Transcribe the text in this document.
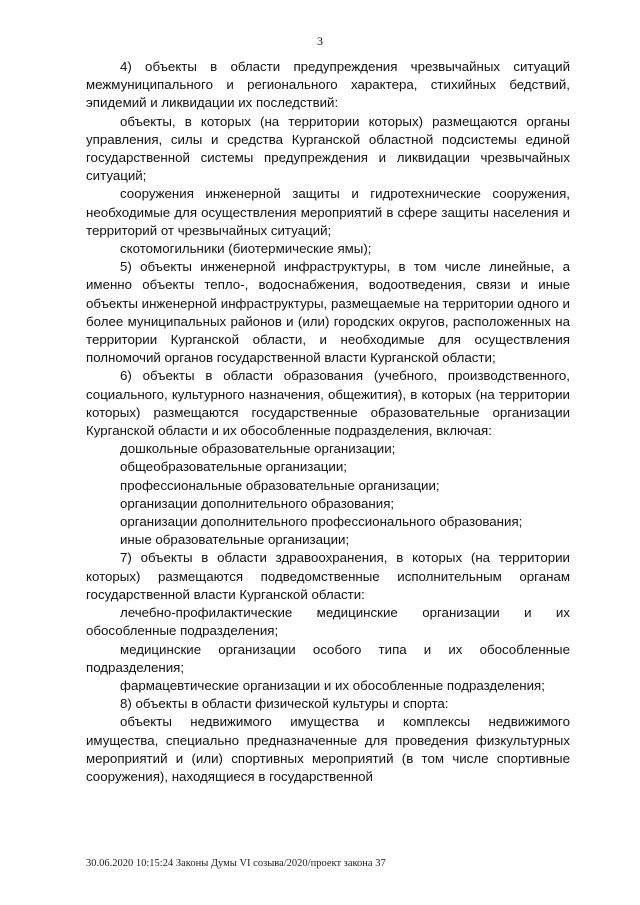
3

4) объекты в области предупреждения чрезвычайных ситуаций межмуниципального и регионального характера, стихийных бедствий, эпидемий и ликвидации их последствий:

объекты, в которых (на территории которых) размещаются органы управления, силы и средства Курганской областной подсистемы единой государственной системы предупреждения и ликвидации чрезвычайных ситуаций;

сооружения инженерной защиты и гидротехнические сооружения, необходимые для осуществления мероприятий в сфере защиты населения и территорий от чрезвычайных ситуаций;

скотомогильники (биотермические ямы);

5) объекты инженерной инфраструктуры, в том числе линейные, а именно объекты тепло-, водоснабжения, водоотведения, связи и иные объекты инженерной инфраструктуры, размещаемые на территории одного и более муниципальных районов и (или) городских округов, расположенных на территории Курганской области, и необходимые для осуществления полномочий органов государственной власти Курганской области;

6) объекты в области образования (учебного, производственного, социального, культурного назначения, общежития), в которых (на территории которых) размещаются государственные образовательные организации Курганской области и их обособленные подразделения, включая:

дошкольные образовательные организации;

общеобразовательные организации;

профессиональные образовательные организации;

организации дополнительного образования;

организации дополнительного профессионального образования;

иные образовательные организации;

7) объекты в области здравоохранения, в которых (на территории которых) размещаются подведомственные исполнительным органам государственной власти Курганской области:

лечебно-профилактические медицинские организации и их обособленные подразделения;

медицинские организации особого типа и их обособленные подразделения;

фармацевтические организации и их обособленные подразделения;

8) объекты в области физической культуры и спорта:

объекты недвижимого имущества и комплексы недвижимого имущества, специально предназначенные для проведения физкультурных мероприятий и (или) спортивных мероприятий (в том числе спортивные сооружения), находящиеся в государственной

30.06.2020 10:15:24 Законы Думы VI созыва/2020/проект закона 37
